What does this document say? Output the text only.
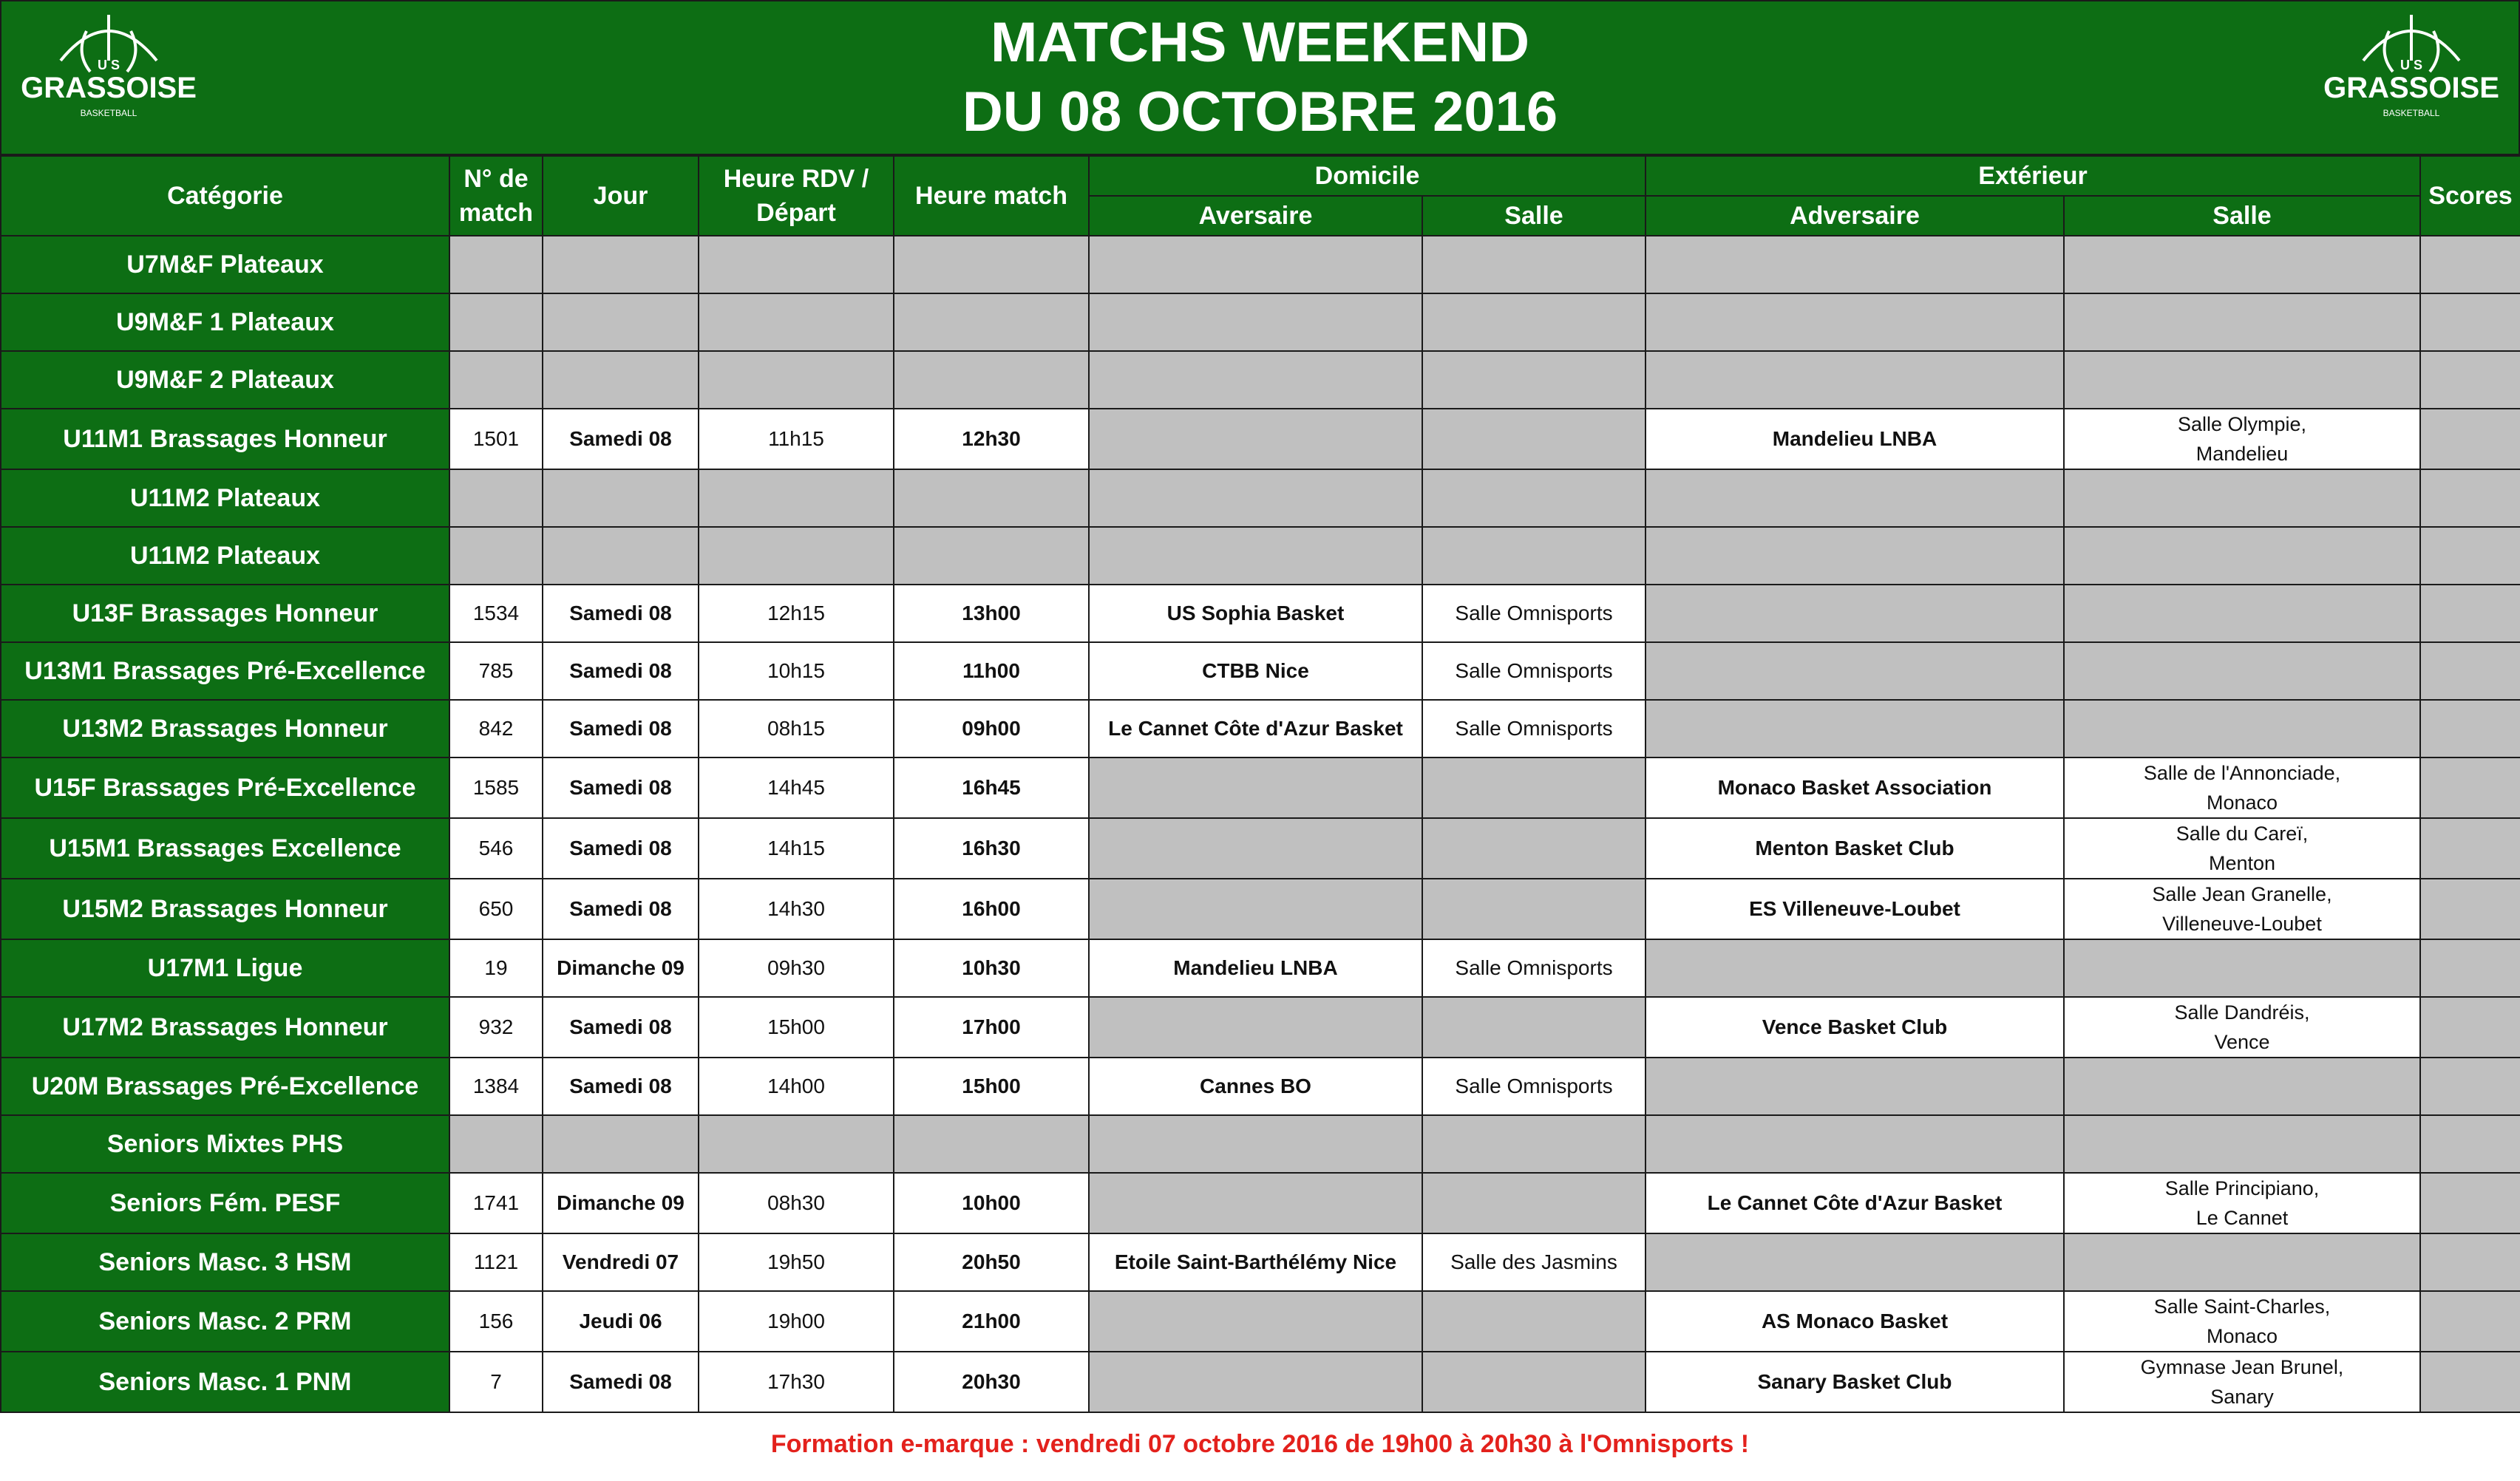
MATCHS WEEKEND
DU 08 OCTOBRE 2016
U S
GRASSOISE
BASKETBALL
U S
GRASSOISE
BASKETBALL
Catégorie	N° de match	Jour	Heure RDV / Départ	Heure match	Domicile		Extérieur		Scores
					Aversaire	Salle	Adversaire	Salle	
U7M&F Plateaux									
U9M&F 1 Plateaux									
U9M&F 2 Plateaux									
U11M1 Brassages Honneur	1501	Samedi 08	11h15	12h30			Mandelieu LNBA	Salle Olympie,
Mandelieu	
U11M2 Plateaux									
U11M2 Plateaux									
U13F Brassages Honneur	1534	Samedi 08	12h15	13h00	US Sophia Basket	Salle Omnisports			
U13M1 Brassages Pré-Excellence	785	Samedi 08	10h15	11h00	CTBB Nice	Salle Omnisports			
U13M2 Brassages Honneur	842	Samedi 08	08h15	09h00	Le Cannet Côte d'Azur Basket	Salle Omnisports			
U15F Brassages Pré-Excellence	1585	Samedi 08	14h45	16h45			Monaco Basket Association	Salle de l'Annonciade,
Monaco	
U15M1 Brassages Excellence	546	Samedi 08	14h15	16h30			Menton Basket Club	Salle du Careï,
Menton	
U15M2 Brassages Honneur	650	Samedi 08	14h30	16h00			ES Villeneuve-Loubet	Salle Jean Granelle,
Villeneuve-Loubet	
U17M1 Ligue	19	Dimanche 09	09h30	10h30	Mandelieu LNBA	Salle Omnisports			
U17M2 Brassages Honneur	932	Samedi 08	15h00	17h00			Vence Basket Club	Salle Dandréis,
Vence	
U20M Brassages Pré-Excellence	1384	Samedi 08	14h00	15h00	Cannes BO	Salle Omnisports			
Seniors Mixtes PHS									
Seniors Fém. PESF	1741	Dimanche 09	08h30	10h00			Le Cannet Côte d'Azur Basket	Salle Principiano,
Le Cannet	
Seniors Masc. 3 HSM	1121	Vendredi 07	19h50	20h50	Etoile Saint-Barthélémy Nice	Salle des Jasmins			
Seniors Masc. 2 PRM	156	Jeudi 06	19h00	21h00			AS Monaco Basket	Salle Saint-Charles,
Monaco	
Seniors Masc. 1 PNM	7	Samedi 08	17h30	20h30			Sanary Basket Club	Gymnase Jean Brunel,
Sanary	
Formation e-marque : vendredi 07 octobre 2016 de 19h00 à 20h30 à l'Omnisports !
